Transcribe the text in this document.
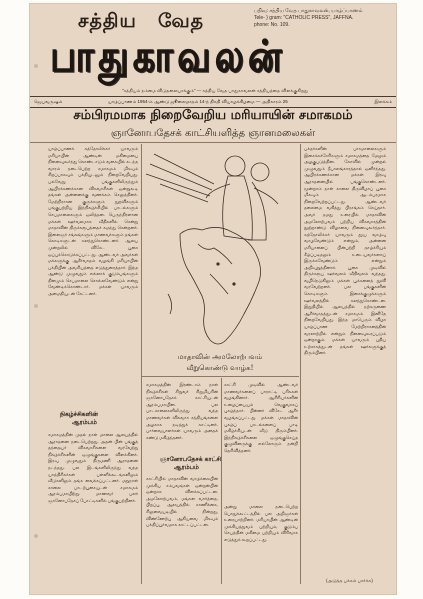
சத்திய வேத
பாதுகாவலன்
பதிவு: சத்திய வேத பாதுகாவலன், யாழ்ப்பாணம்
Tele- } gram: "CATHOLIC PRESS", JAFFNA.
phone: No. 109.
"சத்தியம் நம்மை விடுதலையாக்கும்" — சத்திய வேத பாதுகாவலன் சத்தியத்தை விளக்குகிறது
ஜெயவருஷம்	யாழ்ப்பாணம் 1954-ம் ஆண்டு ஜூலைமாதம் 14-ந் திகதி வியாழக்கிழமை — அதிகாரம் 25	இலக்கம்
சம்பிரமமாக நிறைவேறிய மரியாயின் சமாகமம்
ஞானோபதேசக் காட்சியளித்த ஞானமலைகள்
யாழ்ப்பாணக் கத்தோலிக்கர் யாவரும் மரியாயின் ஆண்டின் மகிமையை நினைவுகூர்ந்து கொண்டாடும் வகையில் கடந்த வாரம் நடைபெற்ற சமாகமம் மிகவும் சிறப்பாகவும் பக்தியுடனும் நிறைவேறியது. பல்வேறு பங்குகளிலிருந்தும் ஆயிரக்கணக்கான விசுவாசிகள் ஒன்றுகூடி தங்கள் அன்னைக்கு வணக்கம் செலுத்தினர். மேற்றிராசன குருக்களும் துறவிகளும் பங்குபற்றிய இந்நிகழ்ச்சியில் பாடல்களும் செபமாலைகளும் ஒலித்தன. பெருந்திரளான மக்கள் ஊர்வலமாக வீதிகளில் சென்று மாதாவின் திருச்சுரூபத்தைச் சுமந்து சென்றனர். இளைஞர் சங்கங்களும் மாணவர்களும் தங்கள் கொடிகளுடன் கலந்துகொண்டனர். ஆலய முன்றலில் விசேட பூசை ஒப்புக்கொடுக்கப்பட்டது. ஆண்டவர் அவர்கள் மக்களுக்கு ஆசீர்வாதம் வழங்கி மரியாயின் பக்தியின் அவசியத்தை எடுத்துரைத்தார். இந்த ஆண்டு முழுவதும் எல்லாக் குடும்பங்களும் தினமும் செபமாலை சொல்லவேண்டும் என்று வேண்டிக்கொண்டார். மக்கள் யாவரும் அமைதியுடன் கேட்டனர்.
நிகழ்ச்சிகளின்
ஆரம்பம்
சமாகமத்தின் முதல் நாள் மாலை ஆலயத்தில் ஆராதனை நடைபெற்றது. அதன் பின் பங்குத் தந்தையர் விசுவாசிகளை வரவேற்று நிகழ்ச்சிகளின் ஒழுங்குகளை விளக்கினர். இரவு முழுவதும் திருமணி ஆராதனை நடந்தது. பல இடங்களிலிருந்து வந்த யாத்திரிகர்கள் பள்ளிக்கூடங்களிலும் வீடுகளிலும் தங்க வைக்கப்பட்டனர். மறுநாள் காலை பாடற்பூசையுடன் சமாகமம் ஆரம்பமாயிற்று. மாணவர் பலர் ஞானோபதேசப் போட்டிகளில் பங்குபற்றினர்.
மாதாவின் அமலோற்பவம்
வீறுகொண்டு வாழ்க!
சமாகமத்தின் இரண்டாம் நாள் நிகழ்ச்சிகள் சிறுவர் சிறுமியரின் ஞானோபதேசக் காட்சியுடன் ஆரம்பமாயின. பல பாடசாலைகளிலிருந்து வந்த மாணவர்கள் விசுவாச சத்தியங்களை அழகாக நடித்துக் காட்டினர். பார்வையாளர்கள் யாவரும் அதைக் கண்டு மகிழ்ந்தனர்.
ஞானோபதேசக் காட்சி
ஆரம்பம்
காட்சியில் மாதாவின் வாழ்க்கையின் முக்கிய சம்பவங்கள் ஒன்றன்பின் ஒன்றாக விளக்கப்பட்டன. அமலோற்பவம், மங்கள வார்த்தை, பிறப்பு, ஆலயத்தில் காணிக்கை, சிலுவையடியில் நின்றது, விண்ணேற்பு ஆகியவை மிகவும் பக்திப்பூர்வமாக காட்டப்பட்டன.
காட்சி முடிவில் ஆண்டவர் மாணவர்களைப் பாராட்டி பரிசுகள் வழங்கினார். ஆசிரியர்களின் உழைப்பையும் வெகுவாகப் புகழ்ந்தார். பின்னர் விசேட ஆசீர் வழங்கப்பட்டது. மக்கள் மாதாவின் புகழ்ப் பாடல்களைப் பாடி மகிழ்ச்சியுடன் வீடு திரும்பினர். இந்நிகழ்ச்சிகளை ஒழுங்குசெய்த குழுவினருக்கு எல்லோரும் நன்றி தெரிவித்தனர்.
அன்று மாலை நடைபெற்ற பொதுக்கூட்டத்தில் பல அறிஞர்கள் உரையாற்றினர். மரியாயின் ஆண்டின் முக்கியத்துவம் பற்றியும், குடும்ப செபத்தின் மகிமை பற்றியும் விரிவாக எடுத்துக் கூறப்பட்டது.
பக்தர்களின் பாசமாலைகளும் இசைக்கச்சேரிகளும் சமாகமத்தை மேலும் அழகுபடுத்தின. கோவில் முன்றல் முழுவதும் தீபாலங்காரத்தால் ஒளிர்ந்தது. ஆயிரக்கணக்கான மக்கள் இரவு ஆராதனையில் பங்குகொண்டனர். மூன்றாம் நாள் காலை திருவிழாப் பூசை மிகவும் ஆடம்பரமாக நிறைவேற்றப்பட்டது. ஆண்டவர் தலைமை வகித்து பிரசங்கம் செய்தார். அவர் தமது உரையில் மாதாவின் அமலோற்பவம் பற்றிய விசுவாசத்தின் நூற்றாண்டு விழாவை நினைவுகூர்ந்தார். கத்தோலிக்கர் யாவரும் தூய வாழ்வு வாழவேண்டும் என்றும், அன்னை மரியாளைப் பின்பற்றி தாழ்ச்சியும் கீழ்ப்படிதலும் உடையவர்களாய் இருக்கவேண்டும் என்றும் அறிவுறுத்தினார். பூசை முடிவில் திருச்சுரூப ஊர்வலம் வீதிவலம் வந்தது. வழிநெடுகிலும் மக்கள் பூக்களைத் தூவி வரவேற்றனர். பல பங்குகளின் கொடிகளும் இசைக்குழுக்களும் ஊர்வலத்தில் கலந்துகொண்டன. இறுதியில் ஆலயத்தில் நற்கருணை ஆசீர்வாதத்துடன் சமாகமம் இனிதே நிறைவேறியது. இந்த மாபெரும் விழா யாழ்ப்பாண மேற்றிராசனத்தின் வரலாற்றில் என்றும் நினைவுகூரப்படும் ஒன்றாகும். மக்கள் யாவரும் புதிய உற்சாகத்துடன் தங்கள் ஊர்களுக்குத் திரும்பினர்.
(அடுத்த பக்கம் பார்க்க)
